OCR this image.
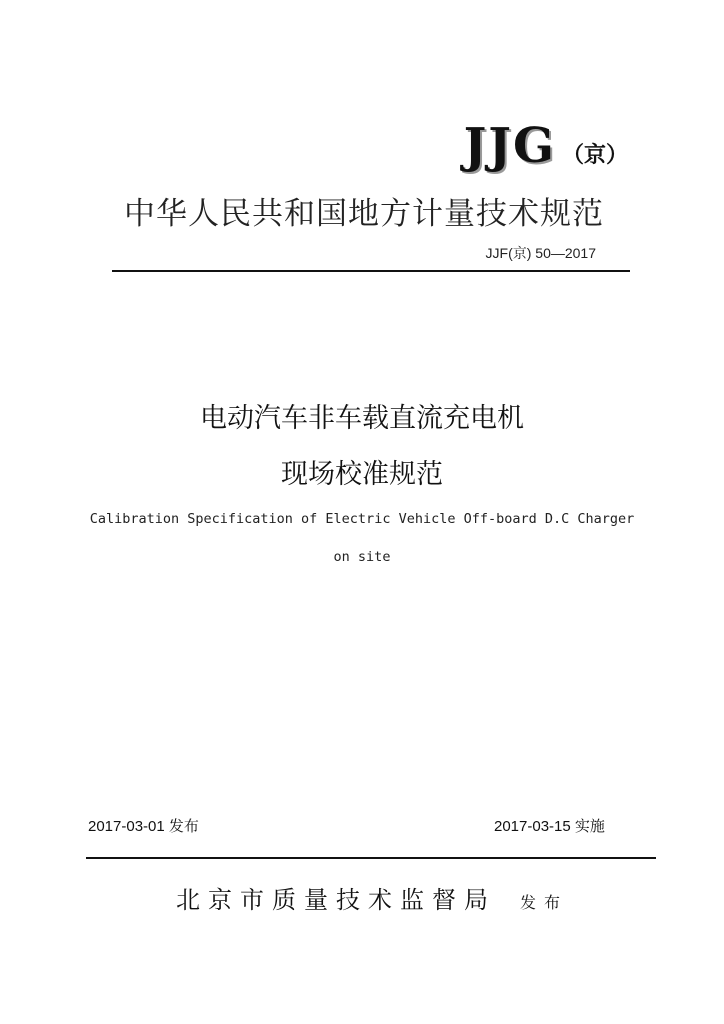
JJG （京）
中华人民共和国地方计量技术规范
JJF(京) 50—2017
电动汽车非车载直流充电机
现场校准规范
Calibration Specification of Electric Vehicle Off-board D.C Charger
on site
2017-03-01 发布	2017-03-15 实施
北京市质量技术监督局 发布
